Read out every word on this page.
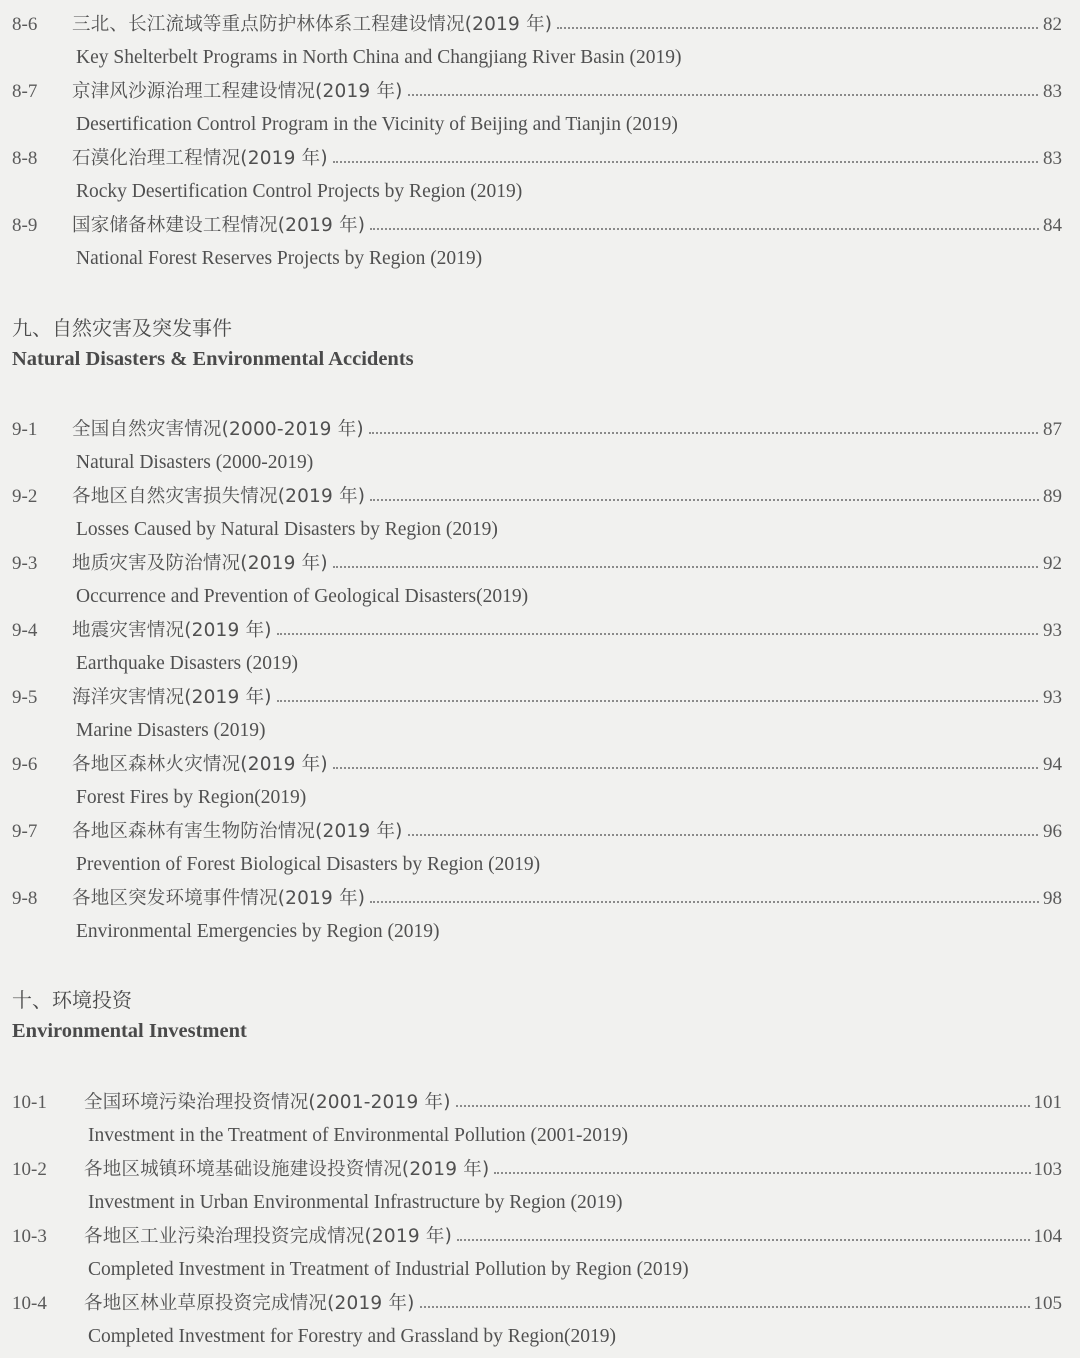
8-6 三北、长江流域等重点防护林体系工程建设情况(2019 年)	82
Key Shelterbelt Programs in North China and Changjiang River Basin (2019)
8-7 京津风沙源治理工程建设情况(2019 年)	83
Desertification Control Program in the Vicinity of Beijing and Tianjin (2019)
8-8 石漠化治理工程情况(2019 年)	83
Rocky Desertification Control Projects by Region (2019)
8-9 国家储备林建设工程情况(2019 年)	84
National Forest Reserves Projects by Region (2019)
九、自然灾害及突发事件
Natural Disasters & Environmental Accidents
9-1 全国自然灾害情况(2000-2019 年)	87
Natural Disasters (2000-2019)
9-2 各地区自然灾害损失情况(2019 年)	89
Losses Caused by Natural Disasters by Region (2019)
9-3 地质灾害及防治情况(2019 年)	92
Occurrence and Prevention of Geological Disasters(2019)
9-4 地震灾害情况(2019 年)	93
Earthquake Disasters (2019)
9-5 海洋灾害情况(2019 年)	93
Marine Disasters (2019)
9-6 各地区森林火灾情况(2019 年)	94
Forest Fires by Region(2019)
9-7 各地区森林有害生物防治情况(2019 年)	96
Prevention of Forest Biological Disasters by Region (2019)
9-8 各地区突发环境事件情况(2019 年)	98
Environmental Emergencies by Region (2019)
十、环境投资
Environmental Investment
10-1 全国环境污染治理投资情况(2001-2019 年)	101
Investment in the Treatment of Environmental Pollution (2001-2019)
10-2 各地区城镇环境基础设施建设投资情况(2019 年)	103
Investment in Urban Environmental Infrastructure by Region (2019)
10-3 各地区工业污染治理投资完成情况(2019 年)	104
Completed Investment in Treatment of Industrial Pollution by Region (2019)
10-4 各地区林业草原投资完成情况(2019 年)	105
Completed Investment for Forestry and Grassland by Region(2019)
